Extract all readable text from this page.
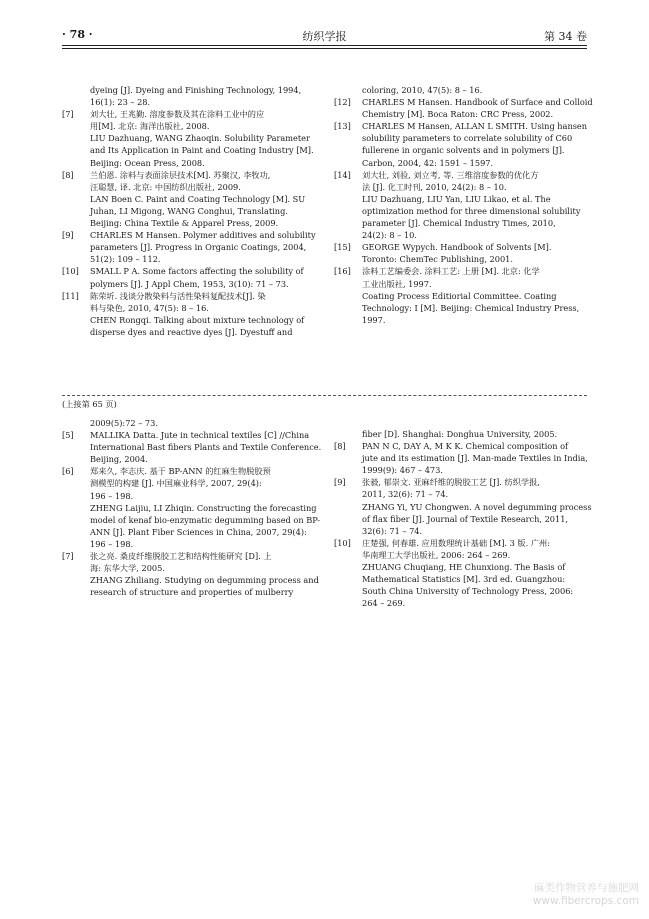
· 78 ·	纺织学报	第 34 卷
dyeing [J]. Dyeing and Finishing Technology, 1994,
16(1): 23 – 28.
[7] 刘大壮, 王兆勤. 溶度参数及其在涂料工业中的应
用[M]. 北京: 海洋出版社, 2008.
LIU Dazhuang, WANG Zhaoqin. Solubility Parameter
and Its Application in Paint and Coating Industry [M].
Beijing: Ocean Press, 2008.
[8] 兰伯恩. 涂料与表面涂层技术[M]. 苏聚汉, 李牧功,
汪聪慧, 译. 北京: 中国纺织出版社, 2009.
LAN Boen C. Paint and Coating Technology [M]. SU
Juhan, LI Migong, WANG Conghui, Translating.
Beijing: China Textile & Apparel Press, 2009.
[9] CHARLES M Hansen. Polymer additives and solubility
parameters [J]. Progress in Organic Coatings, 2004,
51(2): 109 – 112.
[10] SMALL P A. Some factors affecting the solubility of
polymers [J]. J Appl Chem, 1953, 3(10): 71 – 73.
[11] 陈荣圻. 浅谈分散染料与活性染料复配技术[J]. 染
料与染色, 2010, 47(5): 8 – 16.
CHEN Rongqi. Talking about mixture technology of
disperse dyes and reactive dyes [J]. Dyestuff and
coloring, 2010, 47(5): 8 – 16.
[12] CHARLES M Hansen. Handbook of Surface and Colloid
Chemistry [M]. Boca Raton: CRC Press, 2002.
[13] CHARLES M Hansen, ALLAN L SMITH. Using hansen
solubility parameters to correlate solubility of C60
fullerene in organic solvents and in polymers [J].
Carbon, 2004, 42: 1591 – 1597.
[14] 刘大壮, 刘验, 刘立考, 等. 三维溶度参数的优化方
法 [J]. 化工时刊, 2010, 24(2): 8 – 10.
LIU Dazhuang, LIU Yan, LIU Likao, et al. The
optimization method for three dimensional solubility
parameter [J]. Chemical Industry Times, 2010,
24(2): 8 – 10.
[15] GEORGE Wypych. Handbook of Solvents [M].
Toronto: ChemTec Publishing, 2001.
[16] 涂料工艺编委会. 涂料工艺: 上册 [M]. 北京: 化学
工业出版社, 1997.
Coating Process Editiorial Committee. Coating
Technology: I [M]. Beijing: Chemical Industry Press,
1997.
(上接第 65 页)
2009(5):72 – 73.
[5] MALLIKA Datta. Jute in technical textiles [C] //China
International Bast fibers Plants and Textile Conference.
Beijing, 2004.
[6] 郑来久, 李志庆. 基于 BP-ANN 的红麻生物脱胶预
测模型的构建 [J]. 中国麻业科学, 2007, 29(4):
196 – 198.
ZHENG Laijiu, LI Zhiqin. Constructing the forecasting
model of kenaf bio-enzymatic degumming based on BP-
ANN [J]. Plant Fiber Sciences in China, 2007, 29(4):
196 – 198.
[7] 张之亮. 桑皮纤维脱胶工艺和结构性能研究 [D]. 上
海: 东华大学, 2005.
ZHANG Zhiliang. Studying on degumming process and
research of structure and properties of mulberry
fiber [D]. Shanghai: Donghua University, 2005.
[8] PAN N C, DAY A, M K K. Chemical composition of
jute and its estimation [J]. Man-made Textiles in India,
1999(9): 467 – 473.
[9] 张毅, 郁崇文. 亚麻纤维的脱胶工艺 [J]. 纺织学报,
2011, 32(6): 71 – 74.
ZHANG Yi, YU Chongwen. A novel degumming process
of flax fiber [J]. Journal of Textile Research, 2011,
32(6): 71 – 74.
[10] 庄楚强, 何春雄. 应用数理统计基础 [M]. 3 版. 广州:
华南理工大学出版社, 2006: 264 – 269.
ZHUANG Chuqiang, HE Chunxiong. The Basis of
Mathematical Statistics [M]. 3rd ed. Guangzhou:
South China University of Technology Press, 2006:
264 – 269.
麻类作物营养与施肥网
www.fibercrops.com
